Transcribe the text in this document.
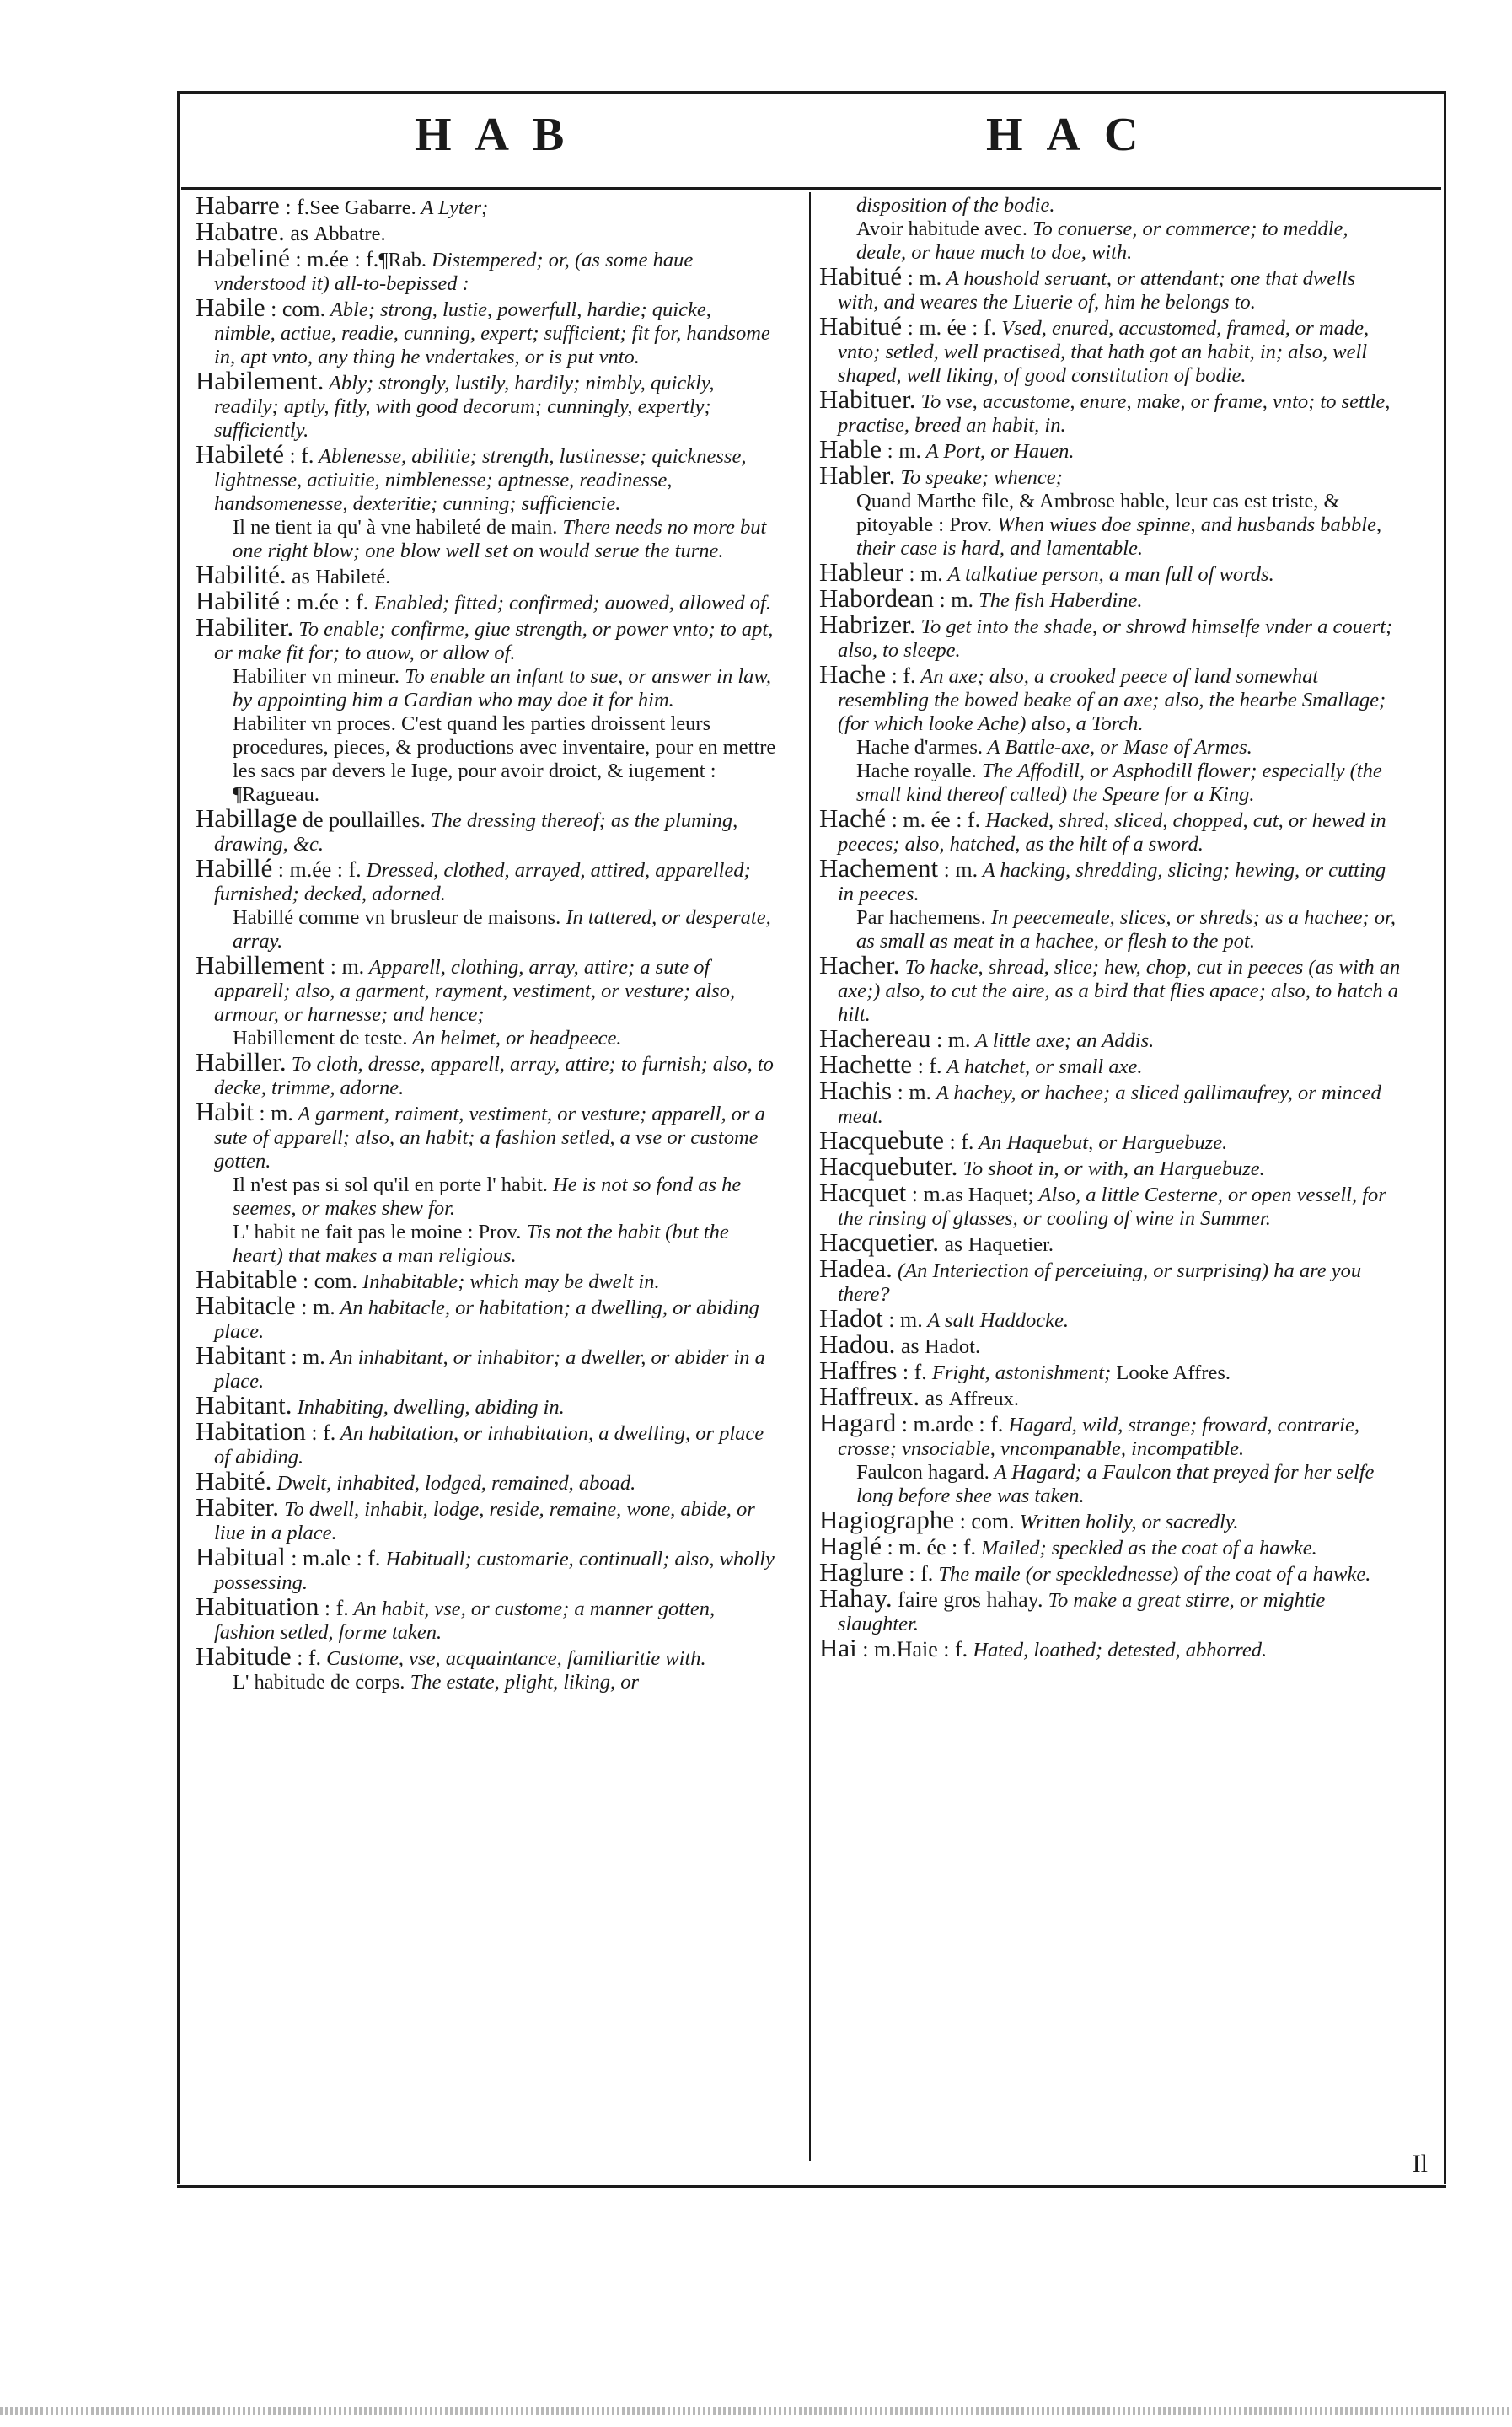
HAB	HAC
Habarre : f.See Gabarre. A Lyter;
Habatre. as Abbatre.
Habeliné : m.ée : f.¶Rab. Distempered; or, (as some haue vnderstood it) all-to-bepissed :
Habile : com. Able; strong, lustie, powerfull, hardie; quicke, nimble, actiue, readie, cunning, expert; sufficient; fit for, handsome in, apt vnto, any thing he vndertakes, or is put vnto.
Habilement. Ably; strongly, lustily, hardily; nimbly, quickly, readily; aptly, fitly, with good decorum; cunningly, expertly; sufficiently.
Habileté : f. Ablenesse, abilitie; strength, lustinesse; quicknesse, lightnesse, actiuitie, nimblenesse; aptnesse, readinesse, handsomenesse, dexteritie; cunning; sufficiencie.
Il ne tient ia qu' à vne habileté de main. There needs no more but one right blow; one blow well set on would serue the turne.
Habilité. as Habileté.
Habilité : m.ée : f. Enabled; fitted; confirmed; auowed, allowed of.
Habiliter. To enable; confirme, giue strength, or power vnto; to apt, or make fit for; to auow, or allow of.
Habiliter vn mineur. To enable an infant to sue, or answer in law, by appointing him a Gardian who may doe it for him.
Habiliter vn proces. C'est quand les parties droissent leurs procedures, pieces, & productions avec inventaire, pour en mettre les sacs par devers le Iuge, pour avoir droict, & iugement : ¶Ragueau.
Habillage de poullailles. The dressing thereof; as the pluming, drawing, &c.
Habillé : m.ée : f. Dressed, clothed, arrayed, attired, apparelled; furnished; decked, adorned.
Habillé comme vn brusleur de maisons. In tattered, or desperate, array.
Habillement : m. Apparell, clothing, array, attire; a sute of apparell; also, a garment, rayment, vestiment, or vesture; also, armour, or harnesse; and hence;
Habillement de teste. An helmet, or headpeece.
Habiller. To cloth, dresse, apparell, array, attire; to furnish; also, to decke, trimme, adorne.
Habit : m. A garment, raiment, vestiment, or vesture; apparell, or a sute of apparell; also, an habit; a fashion setled, a vse or custome gotten.
Il n'est pas si sol qu'il en porte l' habit. He is not so fond as he seemes, or makes shew for.
L' habit ne fait pas le moine : Prov. Tis not the habit (but the heart) that makes a man religious.
Habitable : com. Inhabitable; which may be dwelt in.
Habitacle : m. An habitacle, or habitation; a dwelling, or abiding place.
Habitant : m. An inhabitant, or inhabitor; a dweller, or abider in a place.
Habitant. Inhabiting, dwelling, abiding in.
Habitation : f. An habitation, or inhabitation, a dwelling, or place of abiding.
Habité. Dwelt, inhabited, lodged, remained, aboad.
Habiter. To dwell, inhabit, lodge, reside, remaine, wone, abide, or liue in a place.
Habitual : m.ale : f. Habituall; customarie, continuall; also, wholly possessing.
Habituation : f. An habit, vse, or custome; a manner gotten, fashion setled, forme taken.
Habitude : f. Custome, vse, acquaintance, familiaritie with.
L' habitude de corps. The estate, plight, liking, or
disposition of the bodie.
Avoir habitude avec. To conuerse, or commerce; to meddle, deale, or haue much to doe, with.
Habitué : m. A houshold seruant, or attendant; one that dwells with, and weares the Liuerie of, him he belongs to.
Habitué : m. ée : f. Vsed, enured, accustomed, framed, or made, vnto; setled, well practised, that hath got an habit, in; also, well shaped, well liking, of good constitution of bodie.
Habituer. To vse, accustome, enure, make, or frame, vnto; to settle, practise, breed an habit, in.
Hable : m. A Port, or Hauen.
Habler. To speake; whence;
Quand Marthe file, & Ambrose hable, leur cas est triste, & pitoyable : Prov. When wiues doe spinne, and husbands babble, their case is hard, and lamentable.
Hableur : m. A talkatiue person, a man full of words.
Habordean : m. The fish Haberdine.
Habrizer. To get into the shade, or shrowd himselfe vnder a couert; also, to sleepe.
Hache : f. An axe; also, a crooked peece of land somewhat resembling the bowed beake of an axe; also, the hearbe Smallage; (for which looke Ache) also, a Torch.
Hache d'armes. A Battle-axe, or Mase of Armes.
Hache royalle. The Affodill, or Asphodill flower; especially (the small kind thereof called) the Speare for a King.
Haché : m. ée : f. Hacked, shred, sliced, chopped, cut, or hewed in peeces; also, hatched, as the hilt of a sword.
Hachement : m. A hacking, shredding, slicing; hewing, or cutting in peeces.
Par hachemens. In peecemeale, slices, or shreds; as a hachee; or, as small as meat in a hachee, or flesh to the pot.
Hacher. To hacke, shread, slice; hew, chop, cut in peeces (as with an axe;) also, to cut the aire, as a bird that flies apace; also, to hatch a hilt.
Hachereau : m. A little axe; an Addis.
Hachette : f. A hatchet, or small axe.
Hachis : m. A hachey, or hachee; a sliced gallimaufrey, or minced meat.
Hacquebute : f. An Haquebut, or Harguebuze.
Hacquebuter. To shoot in, or with, an Harguebuze.
Hacquet : m.as Haquet; Also, a little Cesterne, or open vessell, for the rinsing of glasses, or cooling of wine in Summer.
Hacquetier. as Haquetier.
Hadea. (An Interiection of perceiuing, or surprising) ha are you there?
Hadot : m. A salt Haddocke.
Hadou. as Hadot.
Haffres : f. Fright, astonishment; Looke Affres.
Haffreux. as Affreux.
Hagard : m.arde : f. Hagard, wild, strange; froward, contrarie, crosse; vnsociable, vncompanable, incompatible.
Faulcon hagard. A Hagard; a Faulcon that preyed for her selfe long before shee was taken.
Hagiographe : com. Written holily, or sacredly.
Haglé : m. ée : f. Mailed; speckled as the coat of a hawke.
Haglure : f. The maile (or specklednesse) of the coat of a hawke.
Hahay. faire gros hahay. To make a great stirre, or mightie slaughter.
Hai : m.Haie : f. Hated, loathed; detested, abhorred.
Il
